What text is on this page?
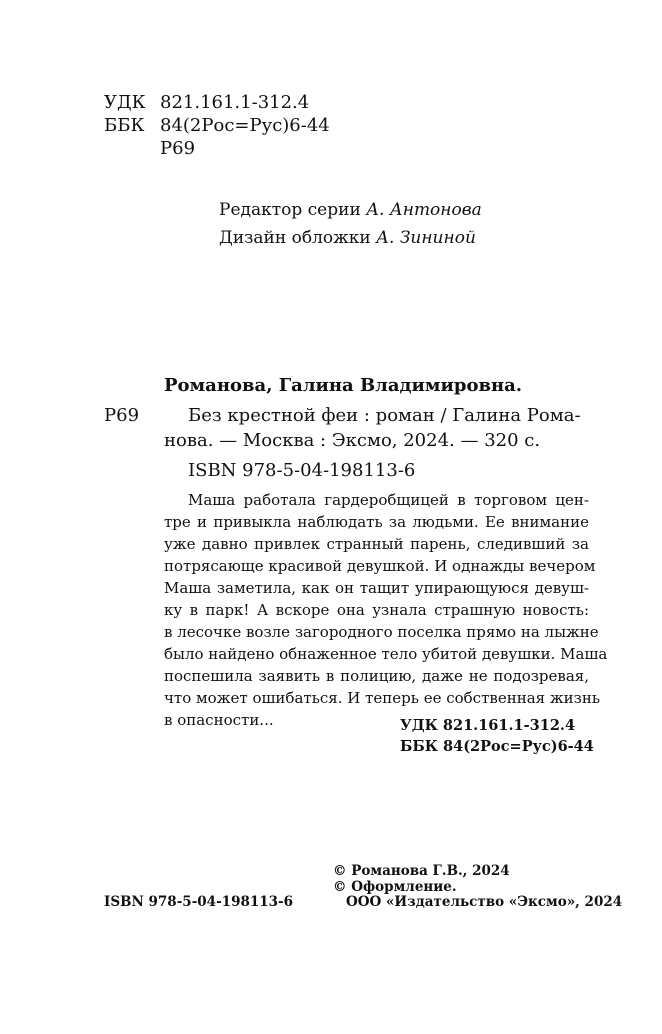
УДК 821.161.1-312.4
ББК 84(2Рос=Рус)6-44
Р69
Редактор серии А. Антонова
Дизайн обложки А. Зининой
Романова, Галина Владимировна.
Р69	Без крестной феи : роман / Галина Рома-
нова. — Москва : Эксмо, 2024. — 320 с.
ISBN 978-5-04-198113-6
Маша работала гардеробщицей в торговом цен-
тре и привыкла наблюдать за людьми. Ее внимание
уже давно привлек странный парень, следивший за
потрясающе красивой девушкой. И однажды вечером
Маша заметила, как он тащит упирающуюся девуш-
ку в парк! А вскоре она узнала страшную новость:
в лесочке возле загородного поселка прямо на лыжне
было найдено обнаженное тело убитой девушки. Маша
поспешила заявить в полицию, даже не подозревая,
что может ошибаться. И теперь ее собственная жизнь
в опасности...	УДК 821.161.1-312.4
ББК 84(2Рос=Рус)6-44
© Романова Г.В., 2024
© Оформление.
ISBN 978-5-04-198113-6	ООО «Издательство «Эксмо», 2024
